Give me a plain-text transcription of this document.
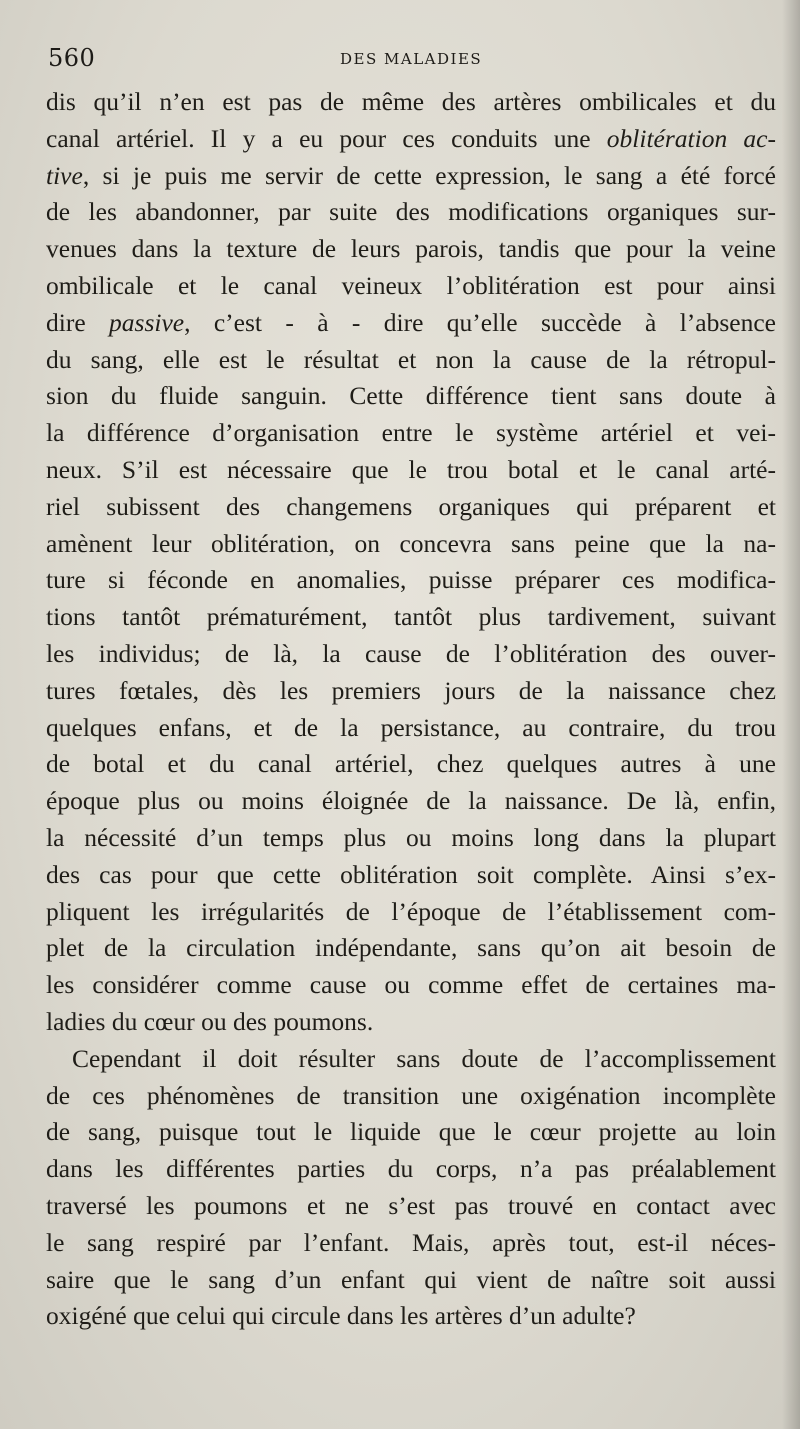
560	DES MALADIES
dis qu’il n’en est pas de même des artères ombilicales et du
canal artériel. Il y a eu pour ces conduits une oblitération ac-
tive, si je puis me servir de cette expression, le sang a été forcé
de les abandonner, par suite des modifications organiques sur-
venues dans la texture de leurs parois, tandis que pour la veine
ombilicale et le canal veineux l’oblitération est pour ainsi
dire passive, c’est - à - dire qu’elle succède à l’absence
du sang, elle est le résultat et non la cause de la rétropul-
sion du fluide sanguin. Cette différence tient sans doute à
la différence d’organisation entre le système artériel et vei-
neux. S’il est nécessaire que le trou botal et le canal arté-
riel subissent des changemens organiques qui préparent et
amènent leur oblitération, on concevra sans peine que la na-
ture si féconde en anomalies, puisse préparer ces modifica-
tions tantôt prématurément, tantôt plus tardivement, suivant
les individus; de là, la cause de l’oblitération des ouver-
tures fœtales, dès les premiers jours de la naissance chez
quelques enfans, et de la persistance, au contraire, du trou
de botal et du canal artériel, chez quelques autres à une
époque plus ou moins éloignée de la naissance. De là, enfin,
la nécessité d’un temps plus ou moins long dans la plupart
des cas pour que cette oblitération soit complète. Ainsi s’ex-
pliquent les irrégularités de l’époque de l’établissement com-
plet de la circulation indépendante, sans qu’on ait besoin de
les considérer comme cause ou comme effet de certaines ma-
ladies du cœur ou des poumons.
Cependant il doit résulter sans doute de l’accomplissement
de ces phénomènes de transition une oxigénation incomplète
de sang, puisque tout le liquide que le cœur projette au loin
dans les différentes parties du corps, n’a pas préalablement
traversé les poumons et ne s’est pas trouvé en contact avec
le sang respiré par l’enfant. Mais, après tout, est-il néces-
saire que le sang d’un enfant qui vient de naître soit aussi
oxigéné que celui qui circule dans les artères d’un adulte?
